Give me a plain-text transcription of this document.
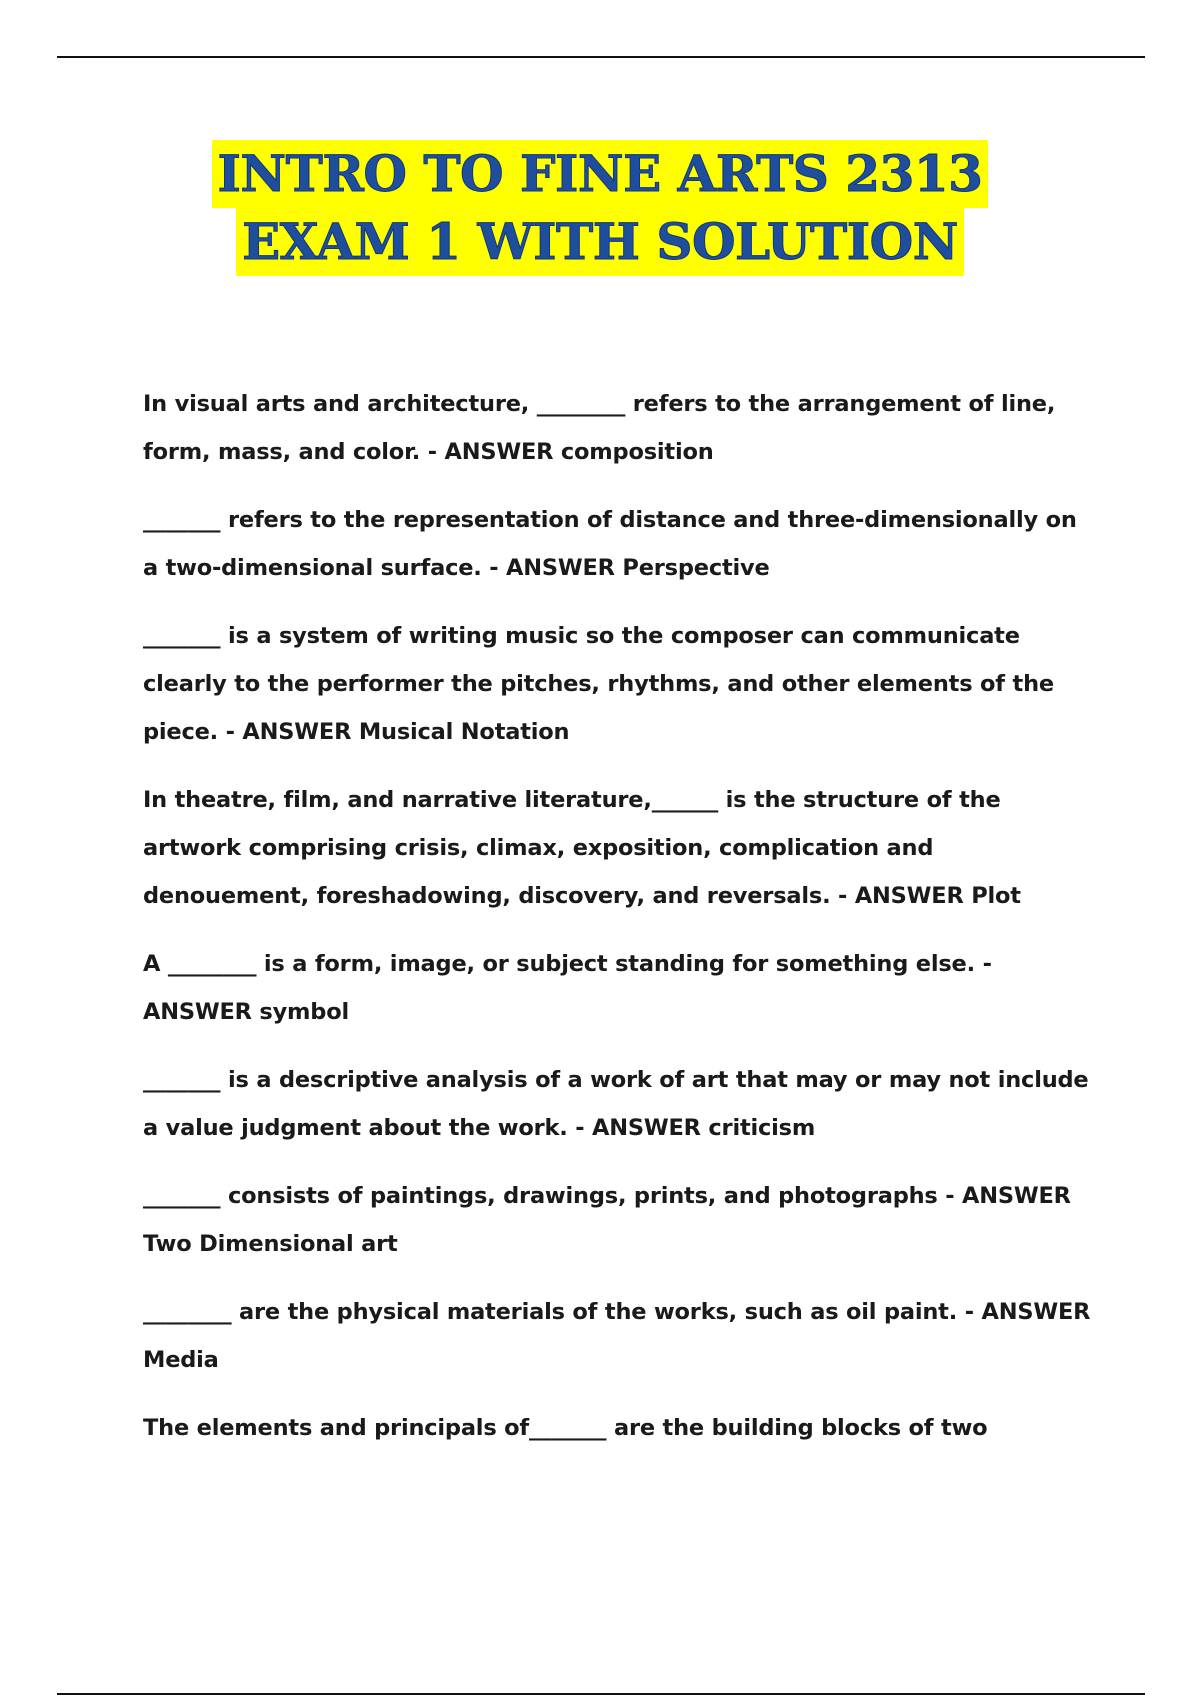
INTRO TO FINE ARTS 2313
EXAM 1 WITH SOLUTION

In visual arts and architecture, ________ refers to the arrangement of line, form, mass, and color. - ANSWER composition

_______ refers to the representation of distance and three-dimensionally on a two-dimensional surface. - ANSWER Perspective

_______ is a system of writing music so the composer can communicate clearly to the performer the pitches, rhythms, and other elements of the piece. - ANSWER Musical Notation

In theatre, film, and narrative literature,______ is the structure of the artwork comprising crisis, climax, exposition, complication and denouement, foreshadowing, discovery, and reversals. - ANSWER Plot

A ________ is a form, image, or subject standing for something else. - ANSWER symbol

_______ is a descriptive analysis of a work of art that may or may not include a value judgment about the work. - ANSWER criticism

_______ consists of paintings, drawings, prints, and photographs - ANSWER Two Dimensional art

________ are the physical materials of the works, such as oil paint. - ANSWER Media

The elements and principals of_______ are the building blocks of two
